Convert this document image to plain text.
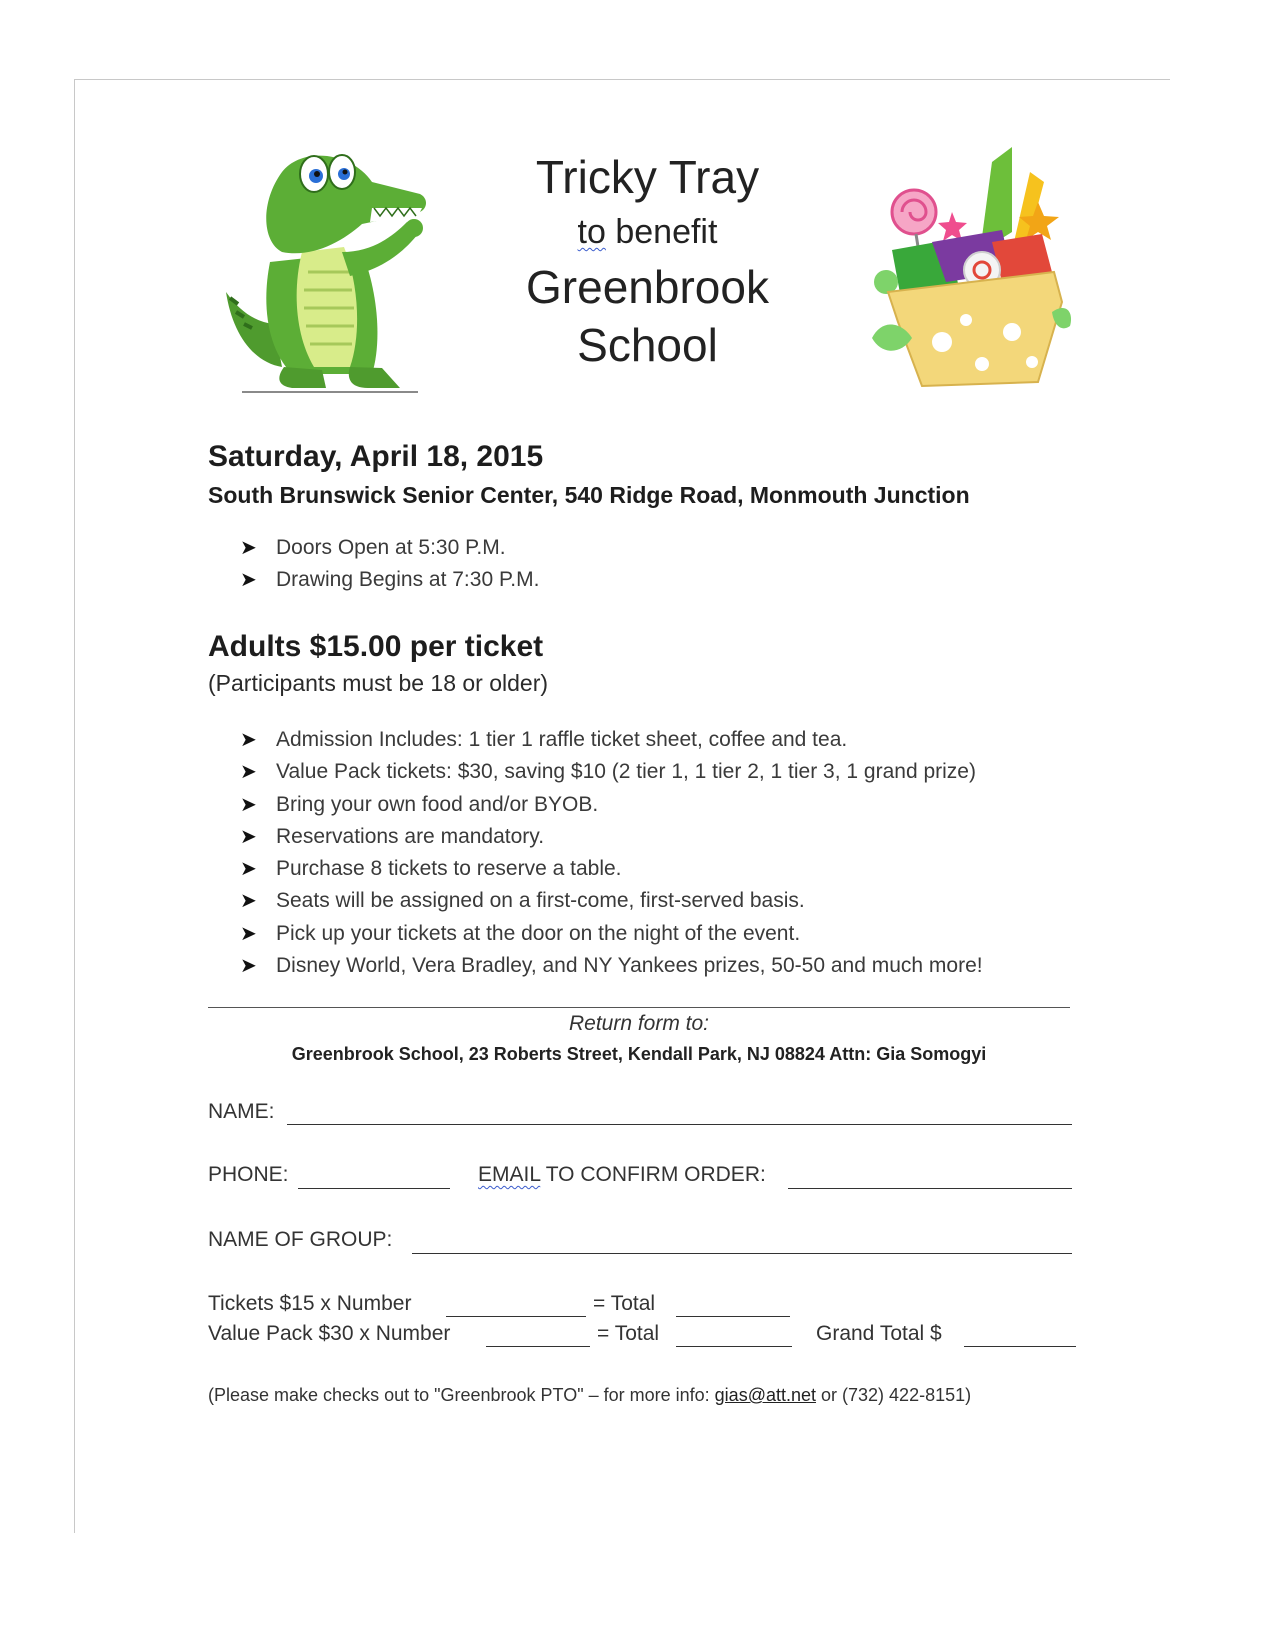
Tricky Tray
to benefit
Greenbrook
School
Saturday, April 18, 2015
South Brunswick Senior Center, 540 Ridge Road, Monmouth Junction
➤ Doors Open at 5:30 P.M.
➤ Drawing Begins at 7:30 P.M.
Adults $15.00 per ticket
(Participants must be 18 or older)
➤ Admission Includes: 1 tier 1 raffle ticket sheet, coffee and tea.
➤ Value Pack tickets: $30, saving $10 (2 tier 1, 1 tier 2, 1 tier 3, 1 grand prize)
➤ Bring your own food and/or BYOB.
➤ Reservations are mandatory.
➤ Purchase 8 tickets to reserve a table.
➤ Seats will be assigned on a first-come, first-served basis.
➤ Pick up your tickets at the door on the night of the event.
➤ Disney World, Vera Bradley, and NY Yankees prizes, 50-50 and much more!
Return form to:
Greenbrook School, 23 Roberts Street, Kendall Park, NJ 08824 Attn: Gia Somogyi
NAME:
PHONE:	EMAIL TO CONFIRM ORDER:
NAME OF GROUP:
Tickets $15 x Number	= Total
Value Pack $30 x Number	= Total	Grand Total $
(Please make checks out to "Greenbrook PTO" – for more info: gias@att.net or (732) 422-8151)
